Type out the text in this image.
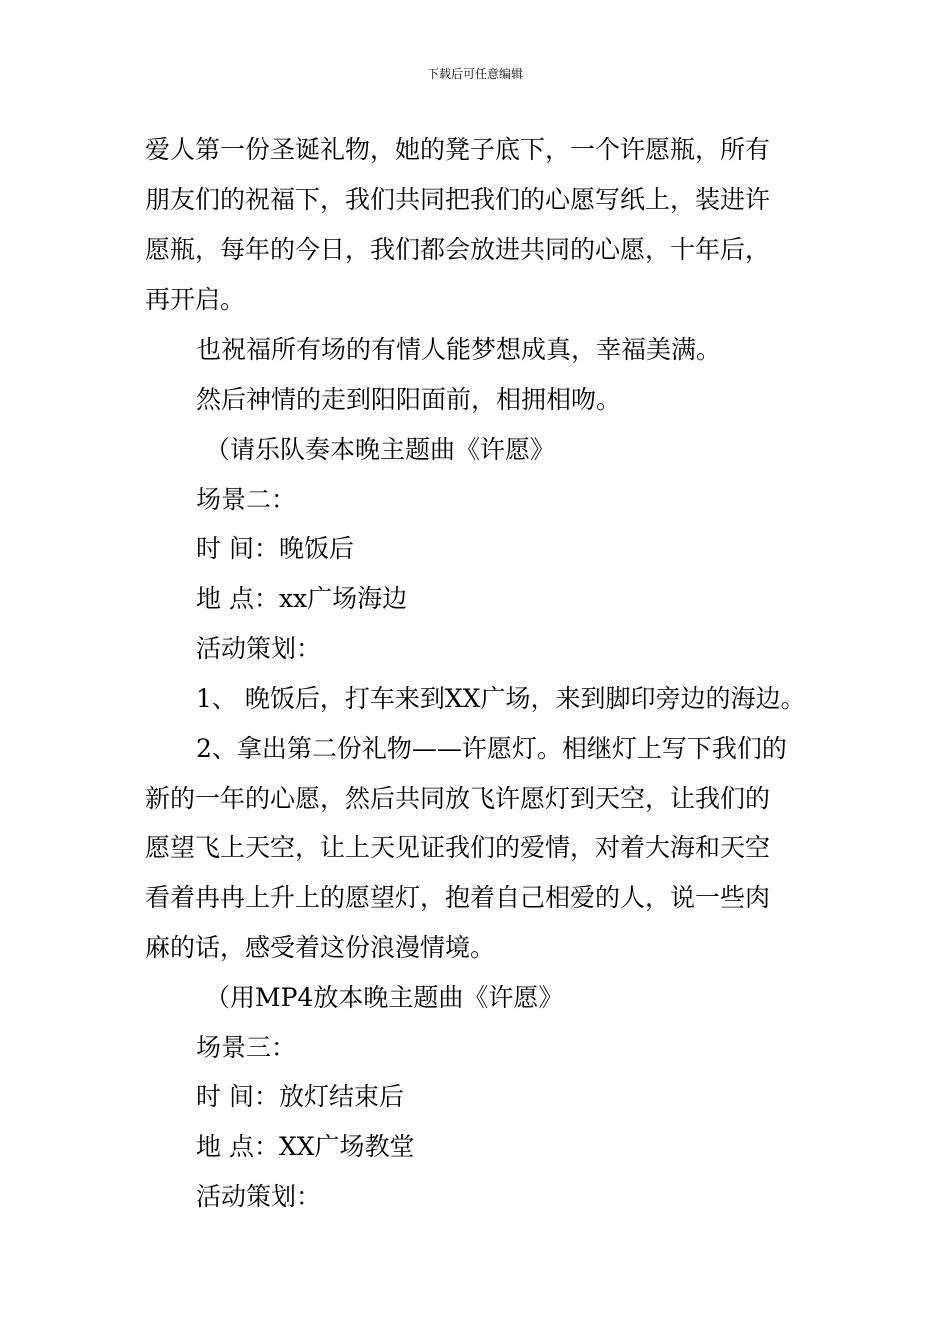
下载后可任意编辑
爱人第一份圣诞礼物，她的凳子底下，一个许愿瓶，所有
朋友们的祝福下，我们共同把我们的心愿写纸上，装进许
愿瓶，每年的今日，我们都会放进共同的心愿，十年后，
再开启。
也祝福所有场的有情人能梦想成真，幸福美满。
然后神情的走到阳阳面前，相拥相吻。
（请乐队奏本晚主题曲《许愿》
场景二：
时 间：晚饭后
地 点：xx广场海边
活动策划：
1、 晚饭后，打车来到XX广场，来到脚印旁边的海边。
2、拿出第二份礼物——许愿灯。相继灯上写下我们的
新的一年的心愿，然后共同放飞许愿灯到天空，让我们的
愿望飞上天空，让上天见证我们的爱情，对着大海和天空
看着冉冉上升上的愿望灯，抱着自己相爱的人，说一些肉
麻的话，感受着这份浪漫情境。
（用MP4放本晚主题曲《许愿》
场景三：
时 间：放灯结束后
地 点：XX广场教堂
活动策划：
